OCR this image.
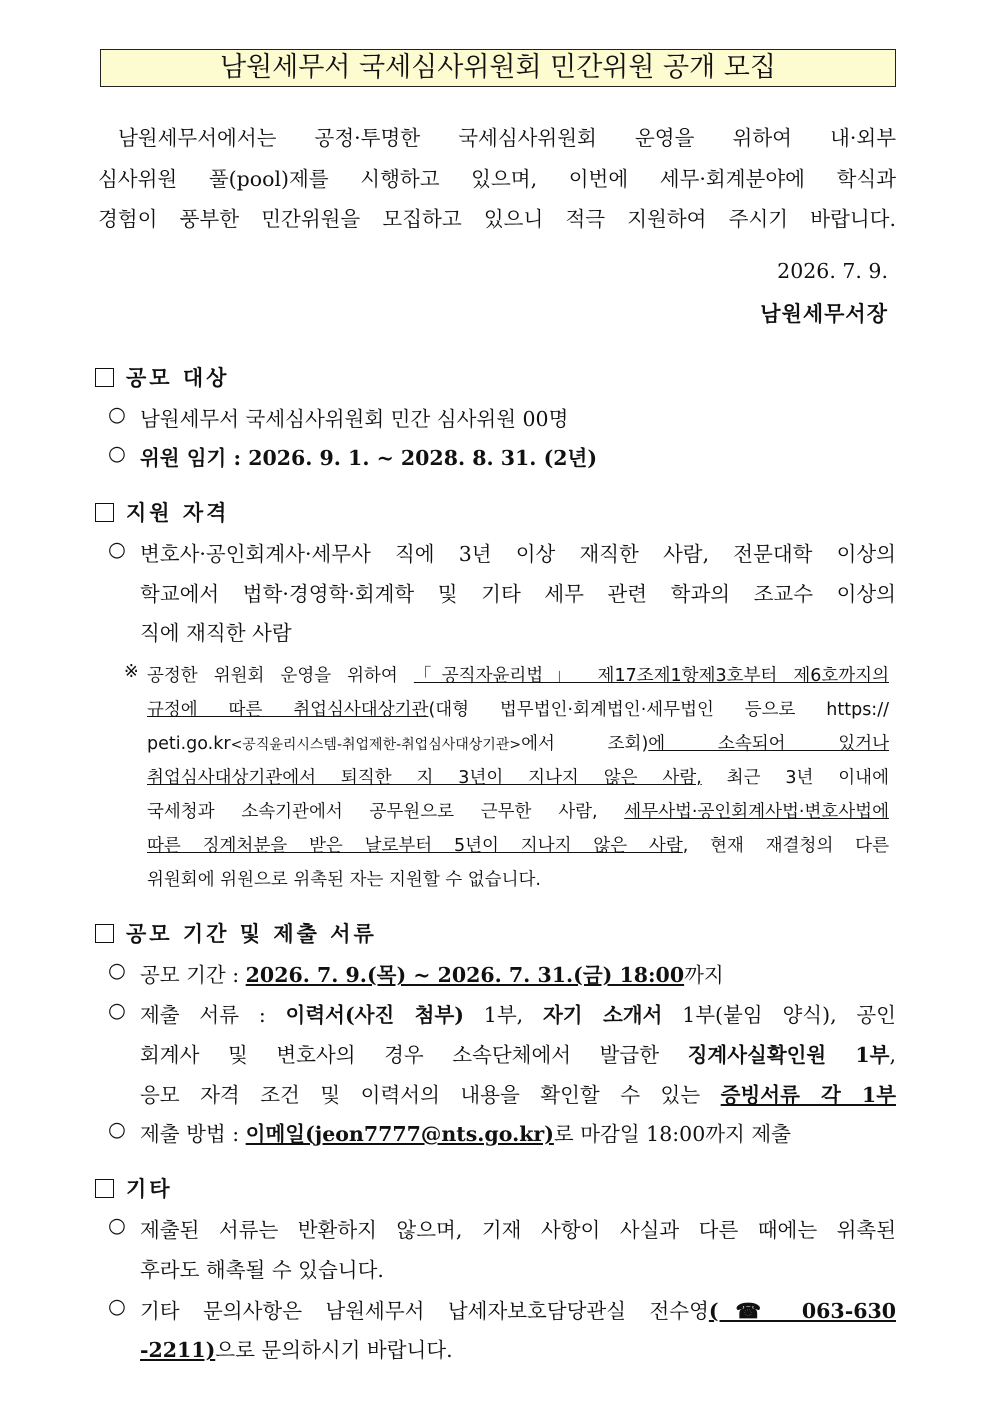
남원세무서 국세심사위원회 민간위원 공개 모집
남원세무서에서는 공정·투명한 국세심사위원회 운영을 위하여 내·외부
심사위원 풀(pool)제를 시행하고 있으며, 이번에 세무·회계분야에 학식과
경험이 풍부한 민간위원을 모집하고 있으니 적극 지원하여 주시기 바랍니다.
2026. 7. 9.
남원세무서장
공모 대상
○ 남원세무서 국세심사위원회 민간 심사위원 00명
○ 위원 임기 : 2026. 9. 1. ~ 2028. 8. 31. (2년)
지원 자격
○ 변호사·공인회계사·세무사 직에 3년 이상 재직한 사람, 전문대학 이상의
학교에서 법학·경영학·회계학 및 기타 세무 관련 학과의 조교수 이상의
직에 재직한 사람
※ 공정한 위원회 운영을 위하여 「공직자윤리법」 제17조제1항제3호부터 제6호까지의
규정에 따른 취업심사대상기관(대형 법무법인·회계법인·세무법인 등으로 https://
peti.go.kr<공직윤리시스템-취업제한-취업심사대상기관>에서 조회)에 소속되어 있거나
취업심사대상기관에서 퇴직한 지 3년이 지나지 않은 사람, 최근 3년 이내에
국세청과 소속기관에서 공무원으로 근무한 사람, 세무사법·공인회계사법·변호사법에
따른 징계처분을 받은 날로부터 5년이 지나지 않은 사람, 현재 재결청의 다른
위원회에 위원으로 위촉된 자는 지원할 수 없습니다.
공모 기간 및 제출 서류
○ 공모 기간 : 2026. 7. 9.(목) ~ 2026. 7. 31.(금) 18:00까지
○ 제출 서류 : 이력서(사진 첨부) 1부, 자기 소개서 1부(붙임 양식), 공인
회계사 및 변호사의 경우 소속단체에서 발급한 징계사실확인원 1부,
응모 자격 조건 및 이력서의 내용을 확인할 수 있는 증빙서류 각 1부
○ 제출 방법 : 이메일(jeon7777@nts.go.kr)로 마감일 18:00까지 제출
기타
○ 제출된 서류는 반환하지 않으며, 기재 사항이 사실과 다른 때에는 위촉된
후라도 해촉될 수 있습니다.
○ 기타 문의사항은 남원세무서 납세자보호담당관실 전수영(☎ 063-630
-2211)으로 문의하시기 바랍니다.
